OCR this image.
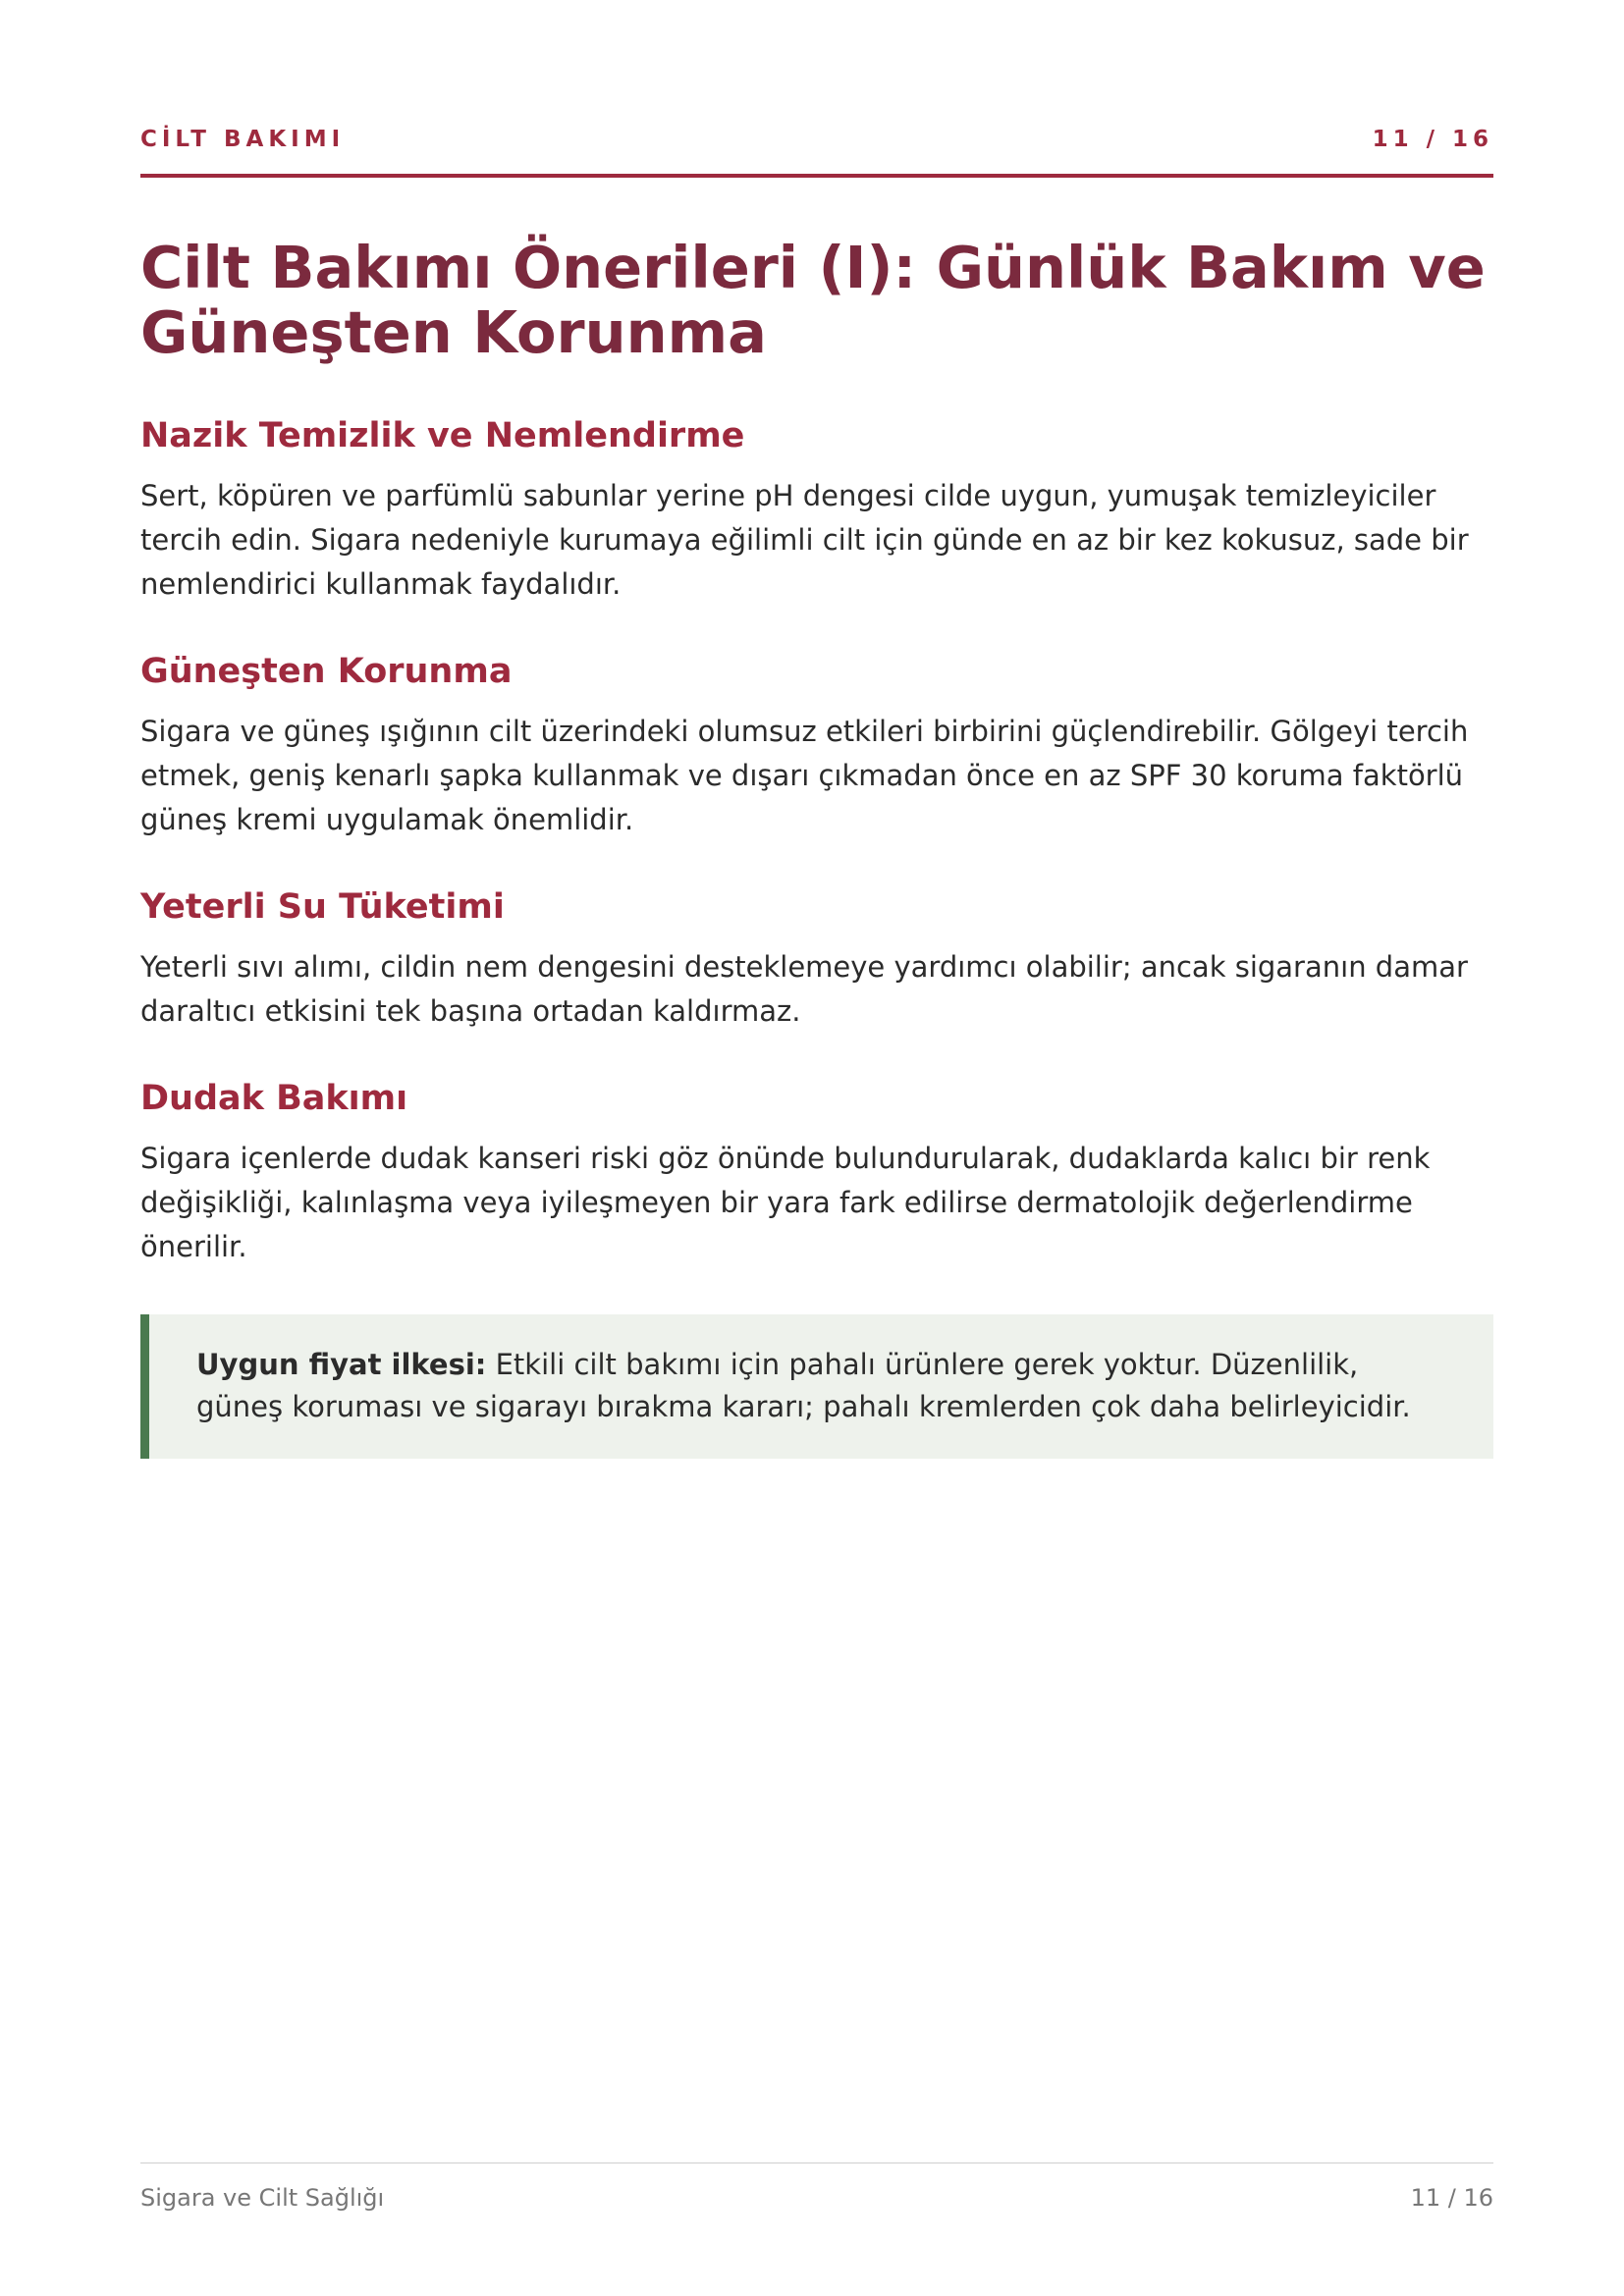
CİLT BAKIMI	11 / 16
Cilt Bakımı Önerileri (I): Günlük Bakım ve Güneşten Korunma
Nazik Temizlik ve Nemlendirme

Sert, köpüren ve parfümlü sabunlar yerine pH dengesi cilde uygun, yumuşak temizleyiciler tercih edin. Sigara nedeniyle kurumaya eğilimli cilt için günde en az bir kez kokusuz, sade bir nemlendirici kullanmak faydalıdır.

Güneşten Korunma

Sigara ve güneş ışığının cilt üzerindeki olumsuz etkileri birbirini güçlendirebilir. Gölgeyi tercih etmek, geniş kenarlı şapka kullanmak ve dışarı çıkmadan önce en az SPF 30 koruma faktörlü güneş kremi uygulamak önemlidir.

Yeterli Su Tüketimi

Yeterli sıvı alımı, cildin nem dengesini desteklemeye yardımcı olabilir; ancak sigaranın damar daraltıcı etkisini tek başına ortadan kaldırmaz.

Dudak Bakımı

Sigara içenlerde dudak kanseri riski göz önünde bulundurularak, dudaklarda kalıcı bir renk değişikliği, kalınlaşma veya iyileşmeyen bir yara fark edilirse dermatolojik değerlendirme önerilir.

Uygun fiyat ilkesi: Etkili cilt bakımı için pahalı ürünlere gerek yoktur. Düzenlilik, güneş koruması ve sigarayı bırakma kararı; pahalı kremlerden çok daha belirleyicidir.

Sigara ve Cilt Sağlığı	11 / 16
